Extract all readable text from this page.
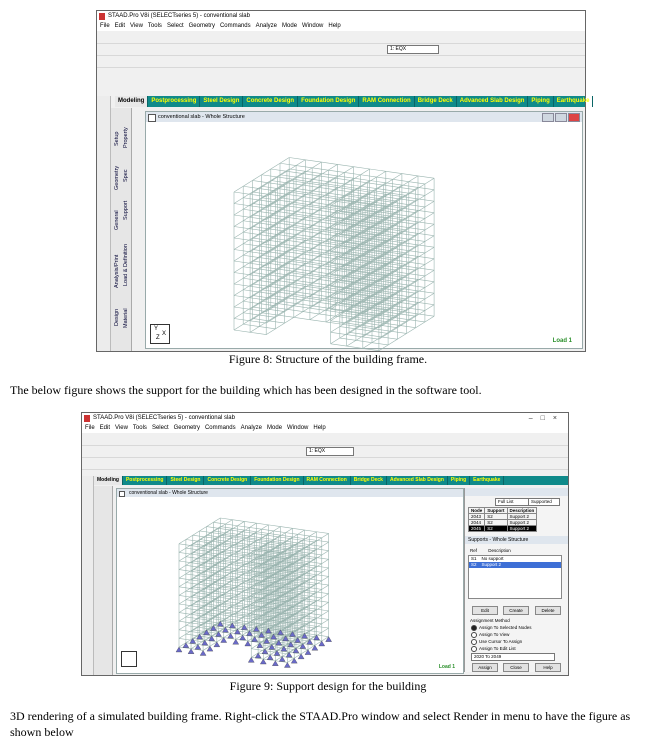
STAAD.Pro V8i (SELECTseries 5) - conventional slab
File Edit View Tools Select Geometry Commands Analyze Mode Window Help
1: EQX
Modeling Postprocessing Steel Design Concrete Design Foundation Design RAM Connection Bridge Deck Advanced Slab Design Piping Earthquake
Setup
Geometry
General
Analysis/Print
Design
Property
Spec
Support
Load & Definition
Material
conventional slab - Whole Structure
Y
X
Z	Load 1
Figure 8: Structure of the building frame.
The below figure shows the support for the building which has been designed in the software tool.
STAAD.Pro V8i (SELECTseries 5) - conventional slab	–□×
File Edit View Tools Select Geometry Commands Analyze Mode Window Help
1: EQX
Modeling Postprocessing Steel Design Concrete Design Foundation Design RAM Connection Bridge Deck Advanced Slab Design Piping Earthquake
conventional slab - Whole Structure
Load 1
Full List	Supported
Node	Support	Description
2043	S2	Support 2
2044	S2	Support 2
2045	S2	Support 2
Supports - Whole Structure
Ref	Description
S1 No support
S2 Support 2
Edit	Create	Delete
Assignment Method
Assign To Selected Nodes
Assign To View
Use Cursor To Assign
Assign To Edit List
2020 To 2049
Assign	Close	Help
Figure 9: Support design for the building
3D rendering of a simulated building frame. Right-click the STAAD.Pro window and select Render in menu to have the figure as shown below
